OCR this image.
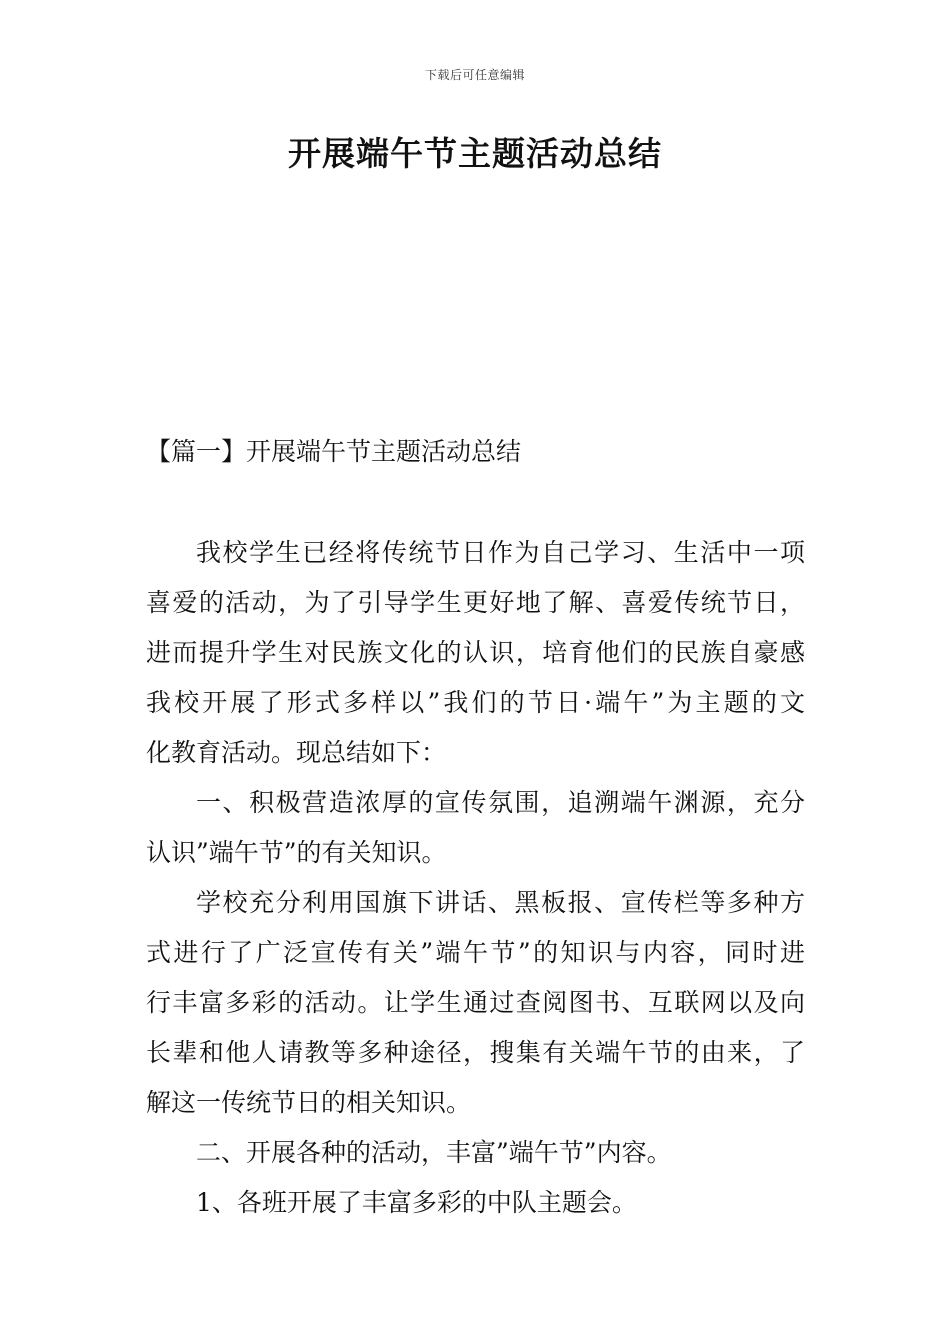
下载后可任意编辑
开展端午节主题活动总结
【篇一】开展端午节主题活动总结
我校学生已经将传统节日作为自己学习、生活中一项
喜爱的活动，为了引导学生更好地了解、喜爱传统节日，
进而提升学生对民族文化的认识，培育他们的民族自豪感
我校开展了形式多样以”我们的节日·端午”为主题的文
化教育活动。现总结如下：
一、积极营造浓厚的宣传氛围，追溯端午渊源，充分
认识”端午节”的有关知识。
学校充分利用国旗下讲话、黑板报、宣传栏等多种方
式进行了广泛宣传有关”端午节”的知识与内容，同时进
行丰富多彩的活动。让学生通过查阅图书、互联网以及向
长辈和他人请教等多种途径，搜集有关端午节的由来，了
解这一传统节日的相关知识。
二、开展各种的活动，丰富”端午节”内容。
1、各班开展了丰富多彩的中队主题会。
